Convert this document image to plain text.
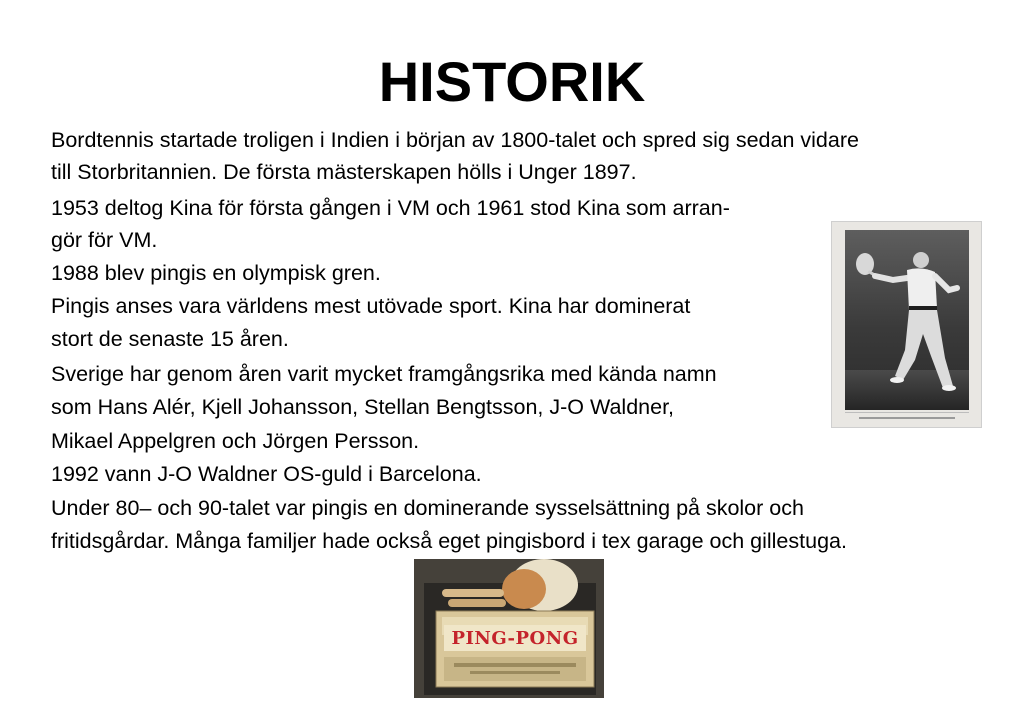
HISTORIK
Bordtennis startade troligen i Indien i början av 1800-talet och spred sig sedan vidare
till Storbritannien. De första mästerskapen hölls i Unger 1897.
1953 deltog Kina för första gången i VM och 1961 stod Kina som arran-
gör för VM.
1988 blev pingis en olympisk gren.
Pingis anses vara världens mest utövade sport. Kina har dominerat
stort de senaste 15 åren.
Sverige har genom åren varit mycket framgångsrika med kända namn
som Hans Alér, Kjell Johansson, Stellan Bengtsson, J-O Waldner,
Mikael Appelgren och Jörgen Persson.
1992 vann J-O Waldner OS-guld i Barcelona.
Under 80– och 90-talet var pingis en dominerande sysselsättning på skolor och
fritidsgårdar. Många familjer hade också eget pingisbord i tex garage och gillestuga.
PING-PONG
